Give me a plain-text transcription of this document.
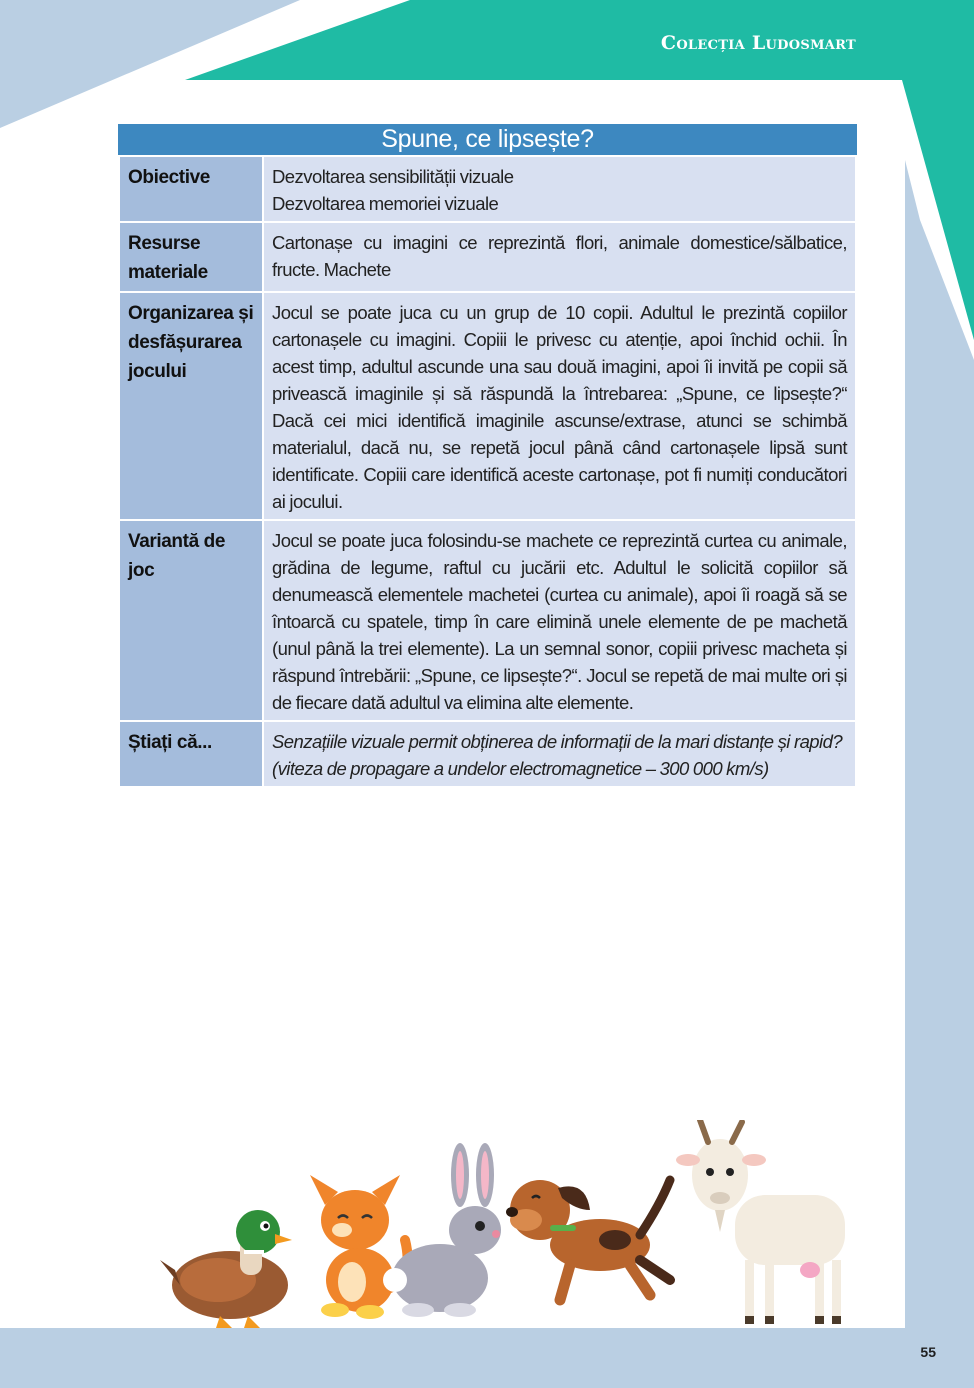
Colecția Ludosmart
55
Spune, ce lipsește?
Obiective	Dezvoltarea sensibilității vizuale
Dezvoltarea memoriei vizuale

Resurse materiale	Cartonașe cu imagini ce reprezintă flori, animale domestice/sălbatice, fructe. Machete
Organizarea și desfășurarea jocului	Jocul se poate juca cu un grup de 10 copii. Adultul le prezintă copiilor cartonașele cu imagini. Copiii le privesc cu atenție, apoi închid ochii. În acest timp, adultul ascunde una sau două imagini, apoi îi invită pe copii să privească imaginile și să răspundă la întrebarea: „Spune, ce lipsește?“ Dacă cei mici identifică imaginile ascunse/extrase, atunci se schimbă materialul, dacă nu, se repetă jocul până când cartonașele lipsă sunt identificate. Copiii care identifică aceste cartonașe, pot fi numiți conducători ai jocului.
Variantă de joc	Jocul se poate juca folosindu-se machete ce reprezintă curtea cu animale, grădina de legume, raftul cu jucării etc. Adultul le solicită copiilor să denumească elementele machetei (curtea cu animale), apoi îi roagă să se întoarcă cu spatele, timp în care elimină unele elemente de pe machetă (unul până la trei elemente). La un semnal sonor, copiii privesc macheta și răspund întrebării: „Spune, ce lipsește?“. Jocul se repetă de mai multe ori și de fiecare dată adultul va elimina alte elemente.
Știați că...	Senzațiile vizuale permit obținerea de informații de la mari distanțe și rapid?
(viteza de propagare a undelor electromagnetice – 300 000 km/s)
